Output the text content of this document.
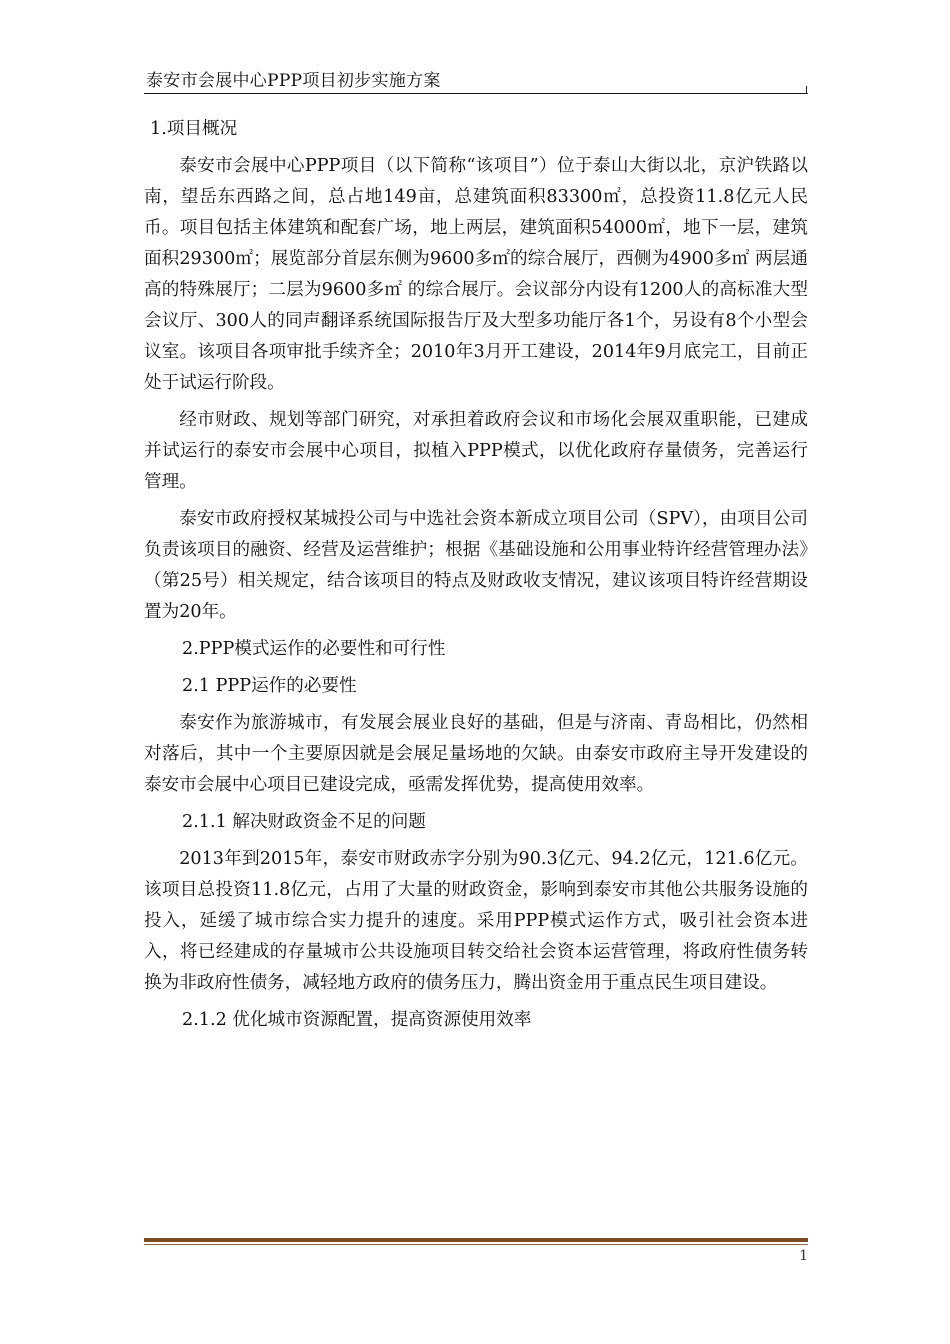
泰安市会展中心PPP项目初步实施方案

1.项目概况

泰安市会展中心PPP项目（以下简称“该项目”）位于泰山大街以北，京沪铁路以南，望岳东西路之间，总占地149亩，总建筑面积83300㎡，总投资11.8亿元人民币。项目包括主体建筑和配套广场，地上两层，建筑面积54000㎡，地下一层，建筑面积29300㎡；展览部分首层东侧为9600多㎡的综合展厅，西侧为4900多㎡ 两层通高的特殊展厅；二层为9600多㎡ 的综合展厅。会议部分内设有1200人的高标准大型会议厅、300人的同声翻译系统国际报告厅及大型多功能厅各1个，另设有8个小型会议室。该项目各项审批手续齐全；2010年3月开工建设，2014年9月底完工，目前正处于试运行阶段。

经市财政、规划等部门研究，对承担着政府会议和市场化会展双重职能，已建成并试运行的泰安市会展中心项目，拟植入PPP模式，以优化政府存量债务，完善运行管理。

泰安市政府授权某城投公司与中选社会资本新成立项目公司（SPV），由项目公司负责该项目的融资、经营及运营维护；根据《基础设施和公用事业特许经营管理办法》（第25号）相关规定，结合该项目的特点及财政收支情况，建议该项目特许经营期设置为20年。

2.PPP模式运作的必要性和可行性

2.1 PPP运作的必要性

泰安作为旅游城市，有发展会展业良好的基础，但是与济南、青岛相比，仍然相对落后，其中一个主要原因就是会展足量场地的欠缺。由泰安市政府主导开发建设的泰安市会展中心项目已建设完成，亟需发挥优势，提高使用效率。

2.1.1 解决财政资金不足的问题

2013年到2015年，泰安市财政赤字分别为90.3亿元、94.2亿元，121.6亿元。该项目总投资11.8亿元，占用了大量的财政资金，影响到泰安市其他公共服务设施的投入，延缓了城市综合实力提升的速度。采用PPP模式运作方式，吸引社会资本进入，将已经建成的存量城市公共设施项目转交给社会资本运营管理，将政府性债务转换为非政府性债务，减轻地方政府的债务压力，腾出资金用于重点民生项目建设。

2.1.2 优化城市资源配置，提高资源使用效率

1
